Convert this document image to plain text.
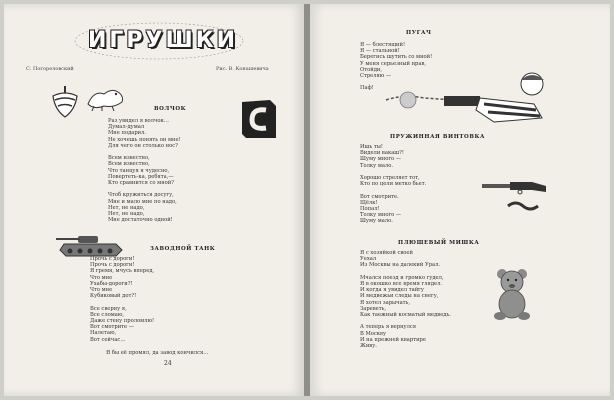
ИГРУШКИ
С. Погореловский	Рис. В. Конашевича
ВОЛЧОК
Раз увидел я волчок…
Думал-думал
Мне подарил.
Не хочешь понять он мне!
Для чего он столько нос?

Всем известно,
Всем известно,
Что танцуя я чудесно,
Повертеть-ка, ребята,—
Кто сравнится со мной?

Чтоб кружиться досугу,
Мне и мало мне по надо,
Нет, не надо,
Нет, не надо,
Мне достаточно одной!
ЗАВОДНОЙ ТАНК
Прочь с дороги!
Прочь с дороги!
Я гремя, мчусь вперед,
Что мне
Ухабы-дороги?!
Что мне
Кубиковый дот?!

Все сверну я,
Все сломаю,
Даже стену проломлю!
Вот смотрите —
Налетаю,
Вот сейчас…
Я бы её промял, да завод кончился…
24
ПУГАЧ
Я — блестящий!
Я — стальной!
Берегись шутить со мной!
У меня серьезный нрав,
Отойди,
Стреляю —

Паф!
ПРУЖИННАЯ ВИНТОВКА
Ишь ты!
Видели вакаш?!
Шуму много —
Толку мало.

Хорошо стреляет тот,
Кто по цели метко бьет.

Вот смотрите.
Щёлк!
Попал!
Толку много —
Шуму мало.
ПЛЮШЕВЫЙ МИШКА
Я с хозяйкой своей
Уехал
Из Москвы на далекий Урал.

Мчался поезд и громко гудел,
Я в окошко все время глядел.
И когда я увидел тайгу
И медвежьи следы на снегу,
Я хотел зарычать,
Зареветь,
Как таежный косматый медведь.

А теперь я вернулся
В Москву
И на прежней квартире
Живу.
